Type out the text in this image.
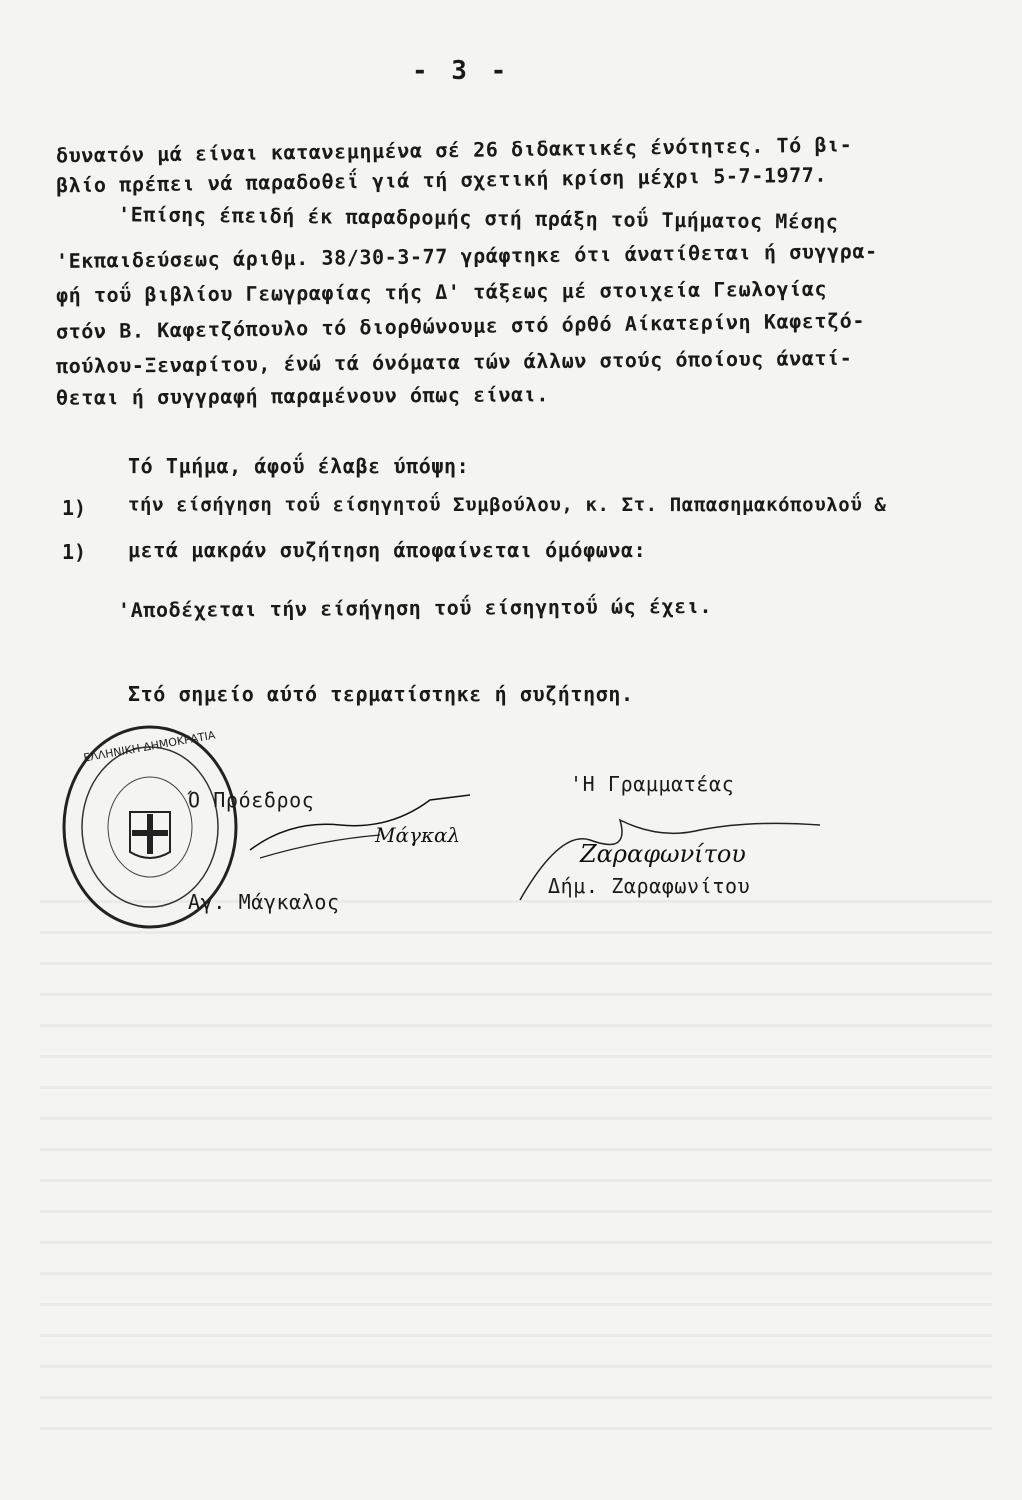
- 3 -
δυνατόν μά είναι κατανεμημένα σέ 26 διδακτικές ένότητες. Τό βι-
βλίο πρέπει νά παραδοθεΐ γιά τή σχετική κρίση μέχρι 5-7-1977.
'Επίσης έπειδή έκ παραδρομής στή πράξη τοΰ Τμήματος Μέσης
'Εκπαιδεύσεως άριθμ. 38/30-3-77 γράφτηκε ότι άνατίθεται ή συγγρα-
φή τοΰ βιβλίου Γεωγραφίας τής Δ' τάξεως μέ στοιχεία Γεωλογίας
στόν Β. Καφετζόπουλο τό διορθώνουμε στό όρθό Αίκατερίνη Καφετζό-
πούλου-Ξεναρίτου, ένώ τά όνόματα τών άλλων στούς όποίους άνατί-
θεται ή συγγραφή παραμένουν όπως είναι.
Τό Τμήμα, άφοΰ έλαβε ύπόψη:
1) τήν είσήγηση τοΰ είσηγητοΰ Συμβούλου, κ. Στ. Παπασημακόπουλοΰ &
1) μετά μακράν συζήτηση άποφαίνεται όμόφωνα:
'Αποδέχεται τήν είσήγηση τοΰ είσηγητοΰ ώς έχει.
Στό σημείο αύτό τερματίστηκε ή συζήτηση.
ΕΛΛΗΝΙΚΗ ΔΗΜΟΚΡΑΤΙΑ
Ό Πρόεδρος
Μάγκαλ
Αγ. Μάγκαλος
'Η Γραμματέας
Ζαραφωνίτου
Δήμ. Ζαραφωνίτου
